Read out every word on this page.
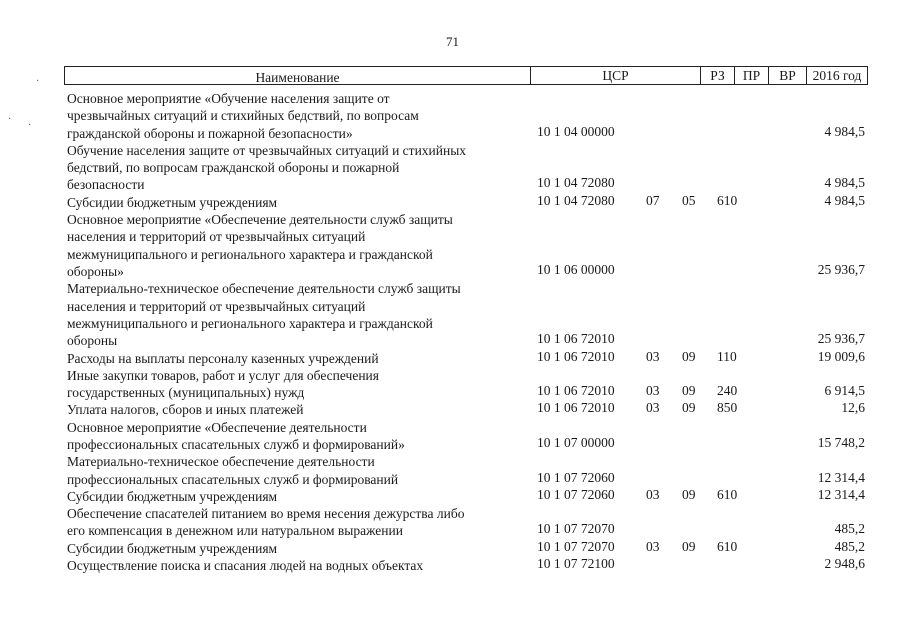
71
·
·
·
Наименование	ЦСР	РЗ	ПР	ВР	2016 год
Основное мероприятие «Обучение населения защите от
чрезвычайных ситуаций и стихийных бедствий, по вопросам
гражданской обороны и пожарной безопасности»	10 1 04 00000	4 984,5
Обучение населения защите от чрезвычайных ситуаций и стихийных
бедствий, по вопросам гражданской обороны и пожарной
безопасности	10 1 04 72080	4 984,5
Субсидии бюджетным учреждениям	10 1 04 72080 07 05 610	4 984,5
Основное мероприятие «Обеспечение деятельности служб защиты
населения и территорий от чрезвычайных ситуаций
межмуниципального и регионального характера и гражданской
обороны»	10 1 06 00000	25 936,7
Материально-техническое обеспечение деятельности служб защиты
населения и территорий от чрезвычайных ситуаций
межмуниципального и регионального характера и гражданской
обороны	10 1 06 72010	25 936,7
Расходы на выплаты персоналу казенных учреждений	10 1 06 72010 03 09 110	19 009,6
Иные закупки товаров, работ и услуг для обеспечения
государственных (муниципальных) нужд	10 1 06 72010 03 09 240	6 914,5
Уплата налогов, сборов и иных платежей	10 1 06 72010 03 09 850	12,6
Основное мероприятие «Обеспечение деятельности
профессиональных спасательных служб и формирований»	10 1 07 00000	15 748,2
Материально-техническое обеспечение деятельности
профессиональных спасательных служб и формирований	10 1 07 72060	12 314,4
Субсидии бюджетным учреждениям	10 1 07 72060 03 09 610	12 314,4
Обеспечение спасателей питанием во время несения дежурства либо
его компенсация в денежном или натуральном выражении	10 1 07 72070	485,2
Субсидии бюджетным учреждениям	10 1 07 72070 03 09 610	485,2
Осуществление поиска и спасания людей на водных объектах	10 1 07 72100	2 948,6
